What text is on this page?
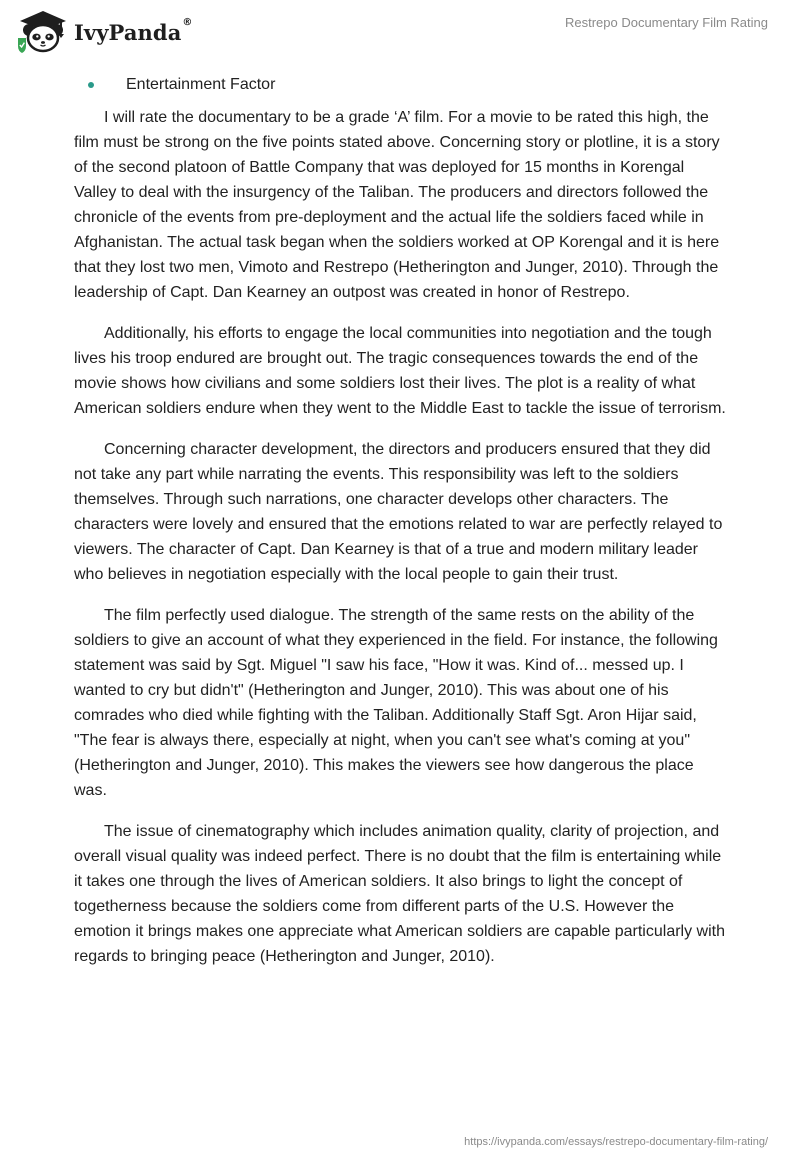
IvyPanda®	Restrepo Documentary Film Rating
Entertainment Factor

I will rate the documentary to be a grade ‘A’ film. For a movie to be rated this high, the film must be strong on the five points stated above. Concerning story or plotline, it is a story of the second platoon of Battle Company that was deployed for 15 months in Korengal Valley to deal with the insurgency of the Taliban. The producers and directors followed the chronicle of the events from pre-deployment and the actual life the soldiers faced while in Afghanistan. The actual task began when the soldiers worked at OP Korengal and it is here that they lost two men, Vimoto and Restrepo (Hetherington and Junger, 2010). Through the leadership of Capt. Dan Kearney an outpost was created in honor of Restrepo.

Additionally, his efforts to engage the local communities into negotiation and the tough lives his troop endured are brought out. The tragic consequences towards the end of the movie shows how civilians and some soldiers lost their lives. The plot is a reality of what American soldiers endure when they went to the Middle East to tackle the issue of terrorism.

Concerning character development, the directors and producers ensured that they did not take any part while narrating the events. This responsibility was left to the soldiers themselves. Through such narrations, one character develops other characters. The characters were lovely and ensured that the emotions related to war are perfectly relayed to viewers. The character of Capt. Dan Kearney is that of a true and modern military leader who believes in negotiation especially with the local people to gain their trust.

The film perfectly used dialogue. The strength of the same rests on the ability of the soldiers to give an account of what they experienced in the field. For instance, the following statement was said by Sgt. Miguel "I saw his face, "How it was. Kind of... messed up. I wanted to cry but didn't" (Hetherington and Junger, 2010). This was about one of his comrades who died while fighting with the Taliban. Additionally Staff Sgt. Aron Hijar said, "The fear is always there, especially at night, when you can't see what's coming at you" (Hetherington and Junger, 2010). This makes the viewers see how dangerous the place was.

The issue of cinematography which includes animation quality, clarity of projection, and overall visual quality was indeed perfect. There is no doubt that the film is entertaining while it takes one through the lives of American soldiers. It also brings to light the concept of togetherness because the soldiers come from different parts of the U.S. However the emotion it brings makes one appreciate what American soldiers are capable particularly with regards to bringing peace (Hetherington and Junger, 2010).

https://ivypanda.com/essays/restrepo-documentary-film-rating/
